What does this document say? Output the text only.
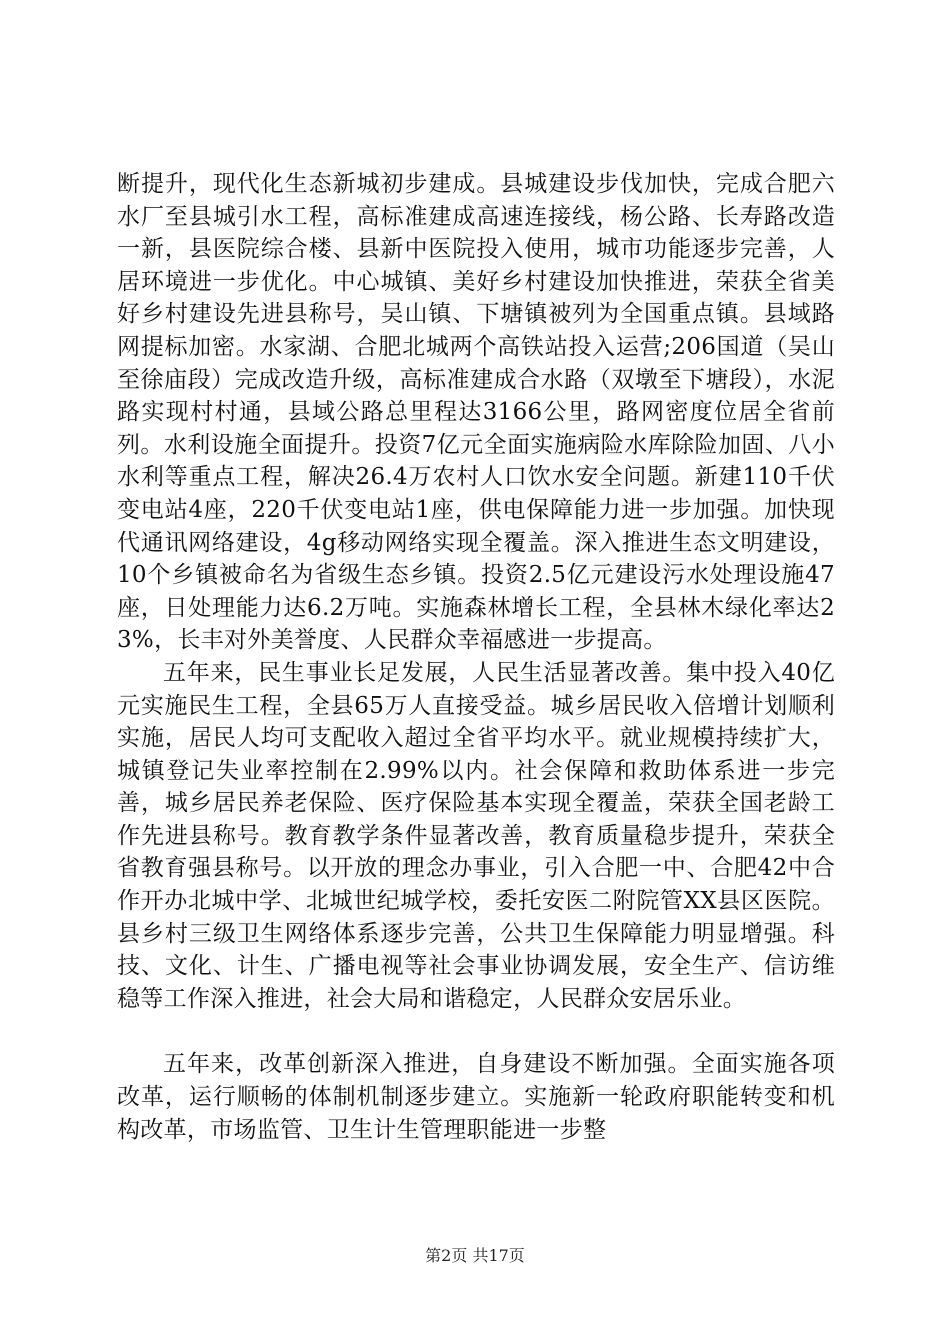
断提升，现代化生态新城初步建成。县城建设步伐加快，完成合肥六水厂至县城引水工程，高标准建成高速连接线，杨公路、长寿路改造一新，县医院综合楼、县新中医院投入使用，城市功能逐步完善，人居环境进一步优化。中心城镇、美好乡村建设加快推进，荣获全省美好乡村建设先进县称号，吴山镇、下塘镇被列为全国重点镇。县域路网提标加密。水家湖、合肥北城两个高铁站投入运营;206国道（吴山至徐庙段）完成改造升级，高标准建成合水路（双墩至下塘段），水泥路实现村村通，县域公路总里程达3166公里，路网密度位居全省前列。水利设施全面提升。投资7亿元全面实施病险水库除险加固、八小水利等重点工程，解决26.4万农村人口饮水安全问题。新建110千伏变电站4座，220千伏变电站1座，供电保障能力进一步加强。加快现代通讯网络建设，4g移动网络实现全覆盖。深入推进生态文明建设，10个乡镇被命名为省级生态乡镇。投资2.5亿元建设污水处理设施47座，日处理能力达6.2万吨。实施森林增长工程，全县林木绿化率达23%，长丰对外美誉度、人民群众幸福感进一步提高。

五年来，民生事业长足发展，人民生活显著改善。集中投入40亿元实施民生工程，全县65万人直接受益。城乡居民收入倍增计划顺利实施，居民人均可支配收入超过全省平均水平。就业规模持续扩大，城镇登记失业率控制在2.99%以内。社会保障和救助体系进一步完善，城乡居民养老保险、医疗保险基本实现全覆盖，荣获全国老龄工作先进县称号。教育教学条件显著改善，教育质量稳步提升，荣获全省教育强县称号。以开放的理念办事业，引入合肥一中、合肥42中合作开办北城中学、北城世纪城学校，委托安医二附院管XX县区医院。县乡村三级卫生网络体系逐步完善，公共卫生保障能力明显增强。科技、文化、计生、广播电视等社会事业协调发展，安全生产、信访维稳等工作深入推进，社会大局和谐稳定，人民群众安居乐业。

五年来，改革创新深入推进，自身建设不断加强。全面实施各项改革，运行顺畅的体制机制逐步建立。实施新一轮政府职能转变和机构改革，市场监管、卫生计生管理职能进一步整

第2页 共17页
